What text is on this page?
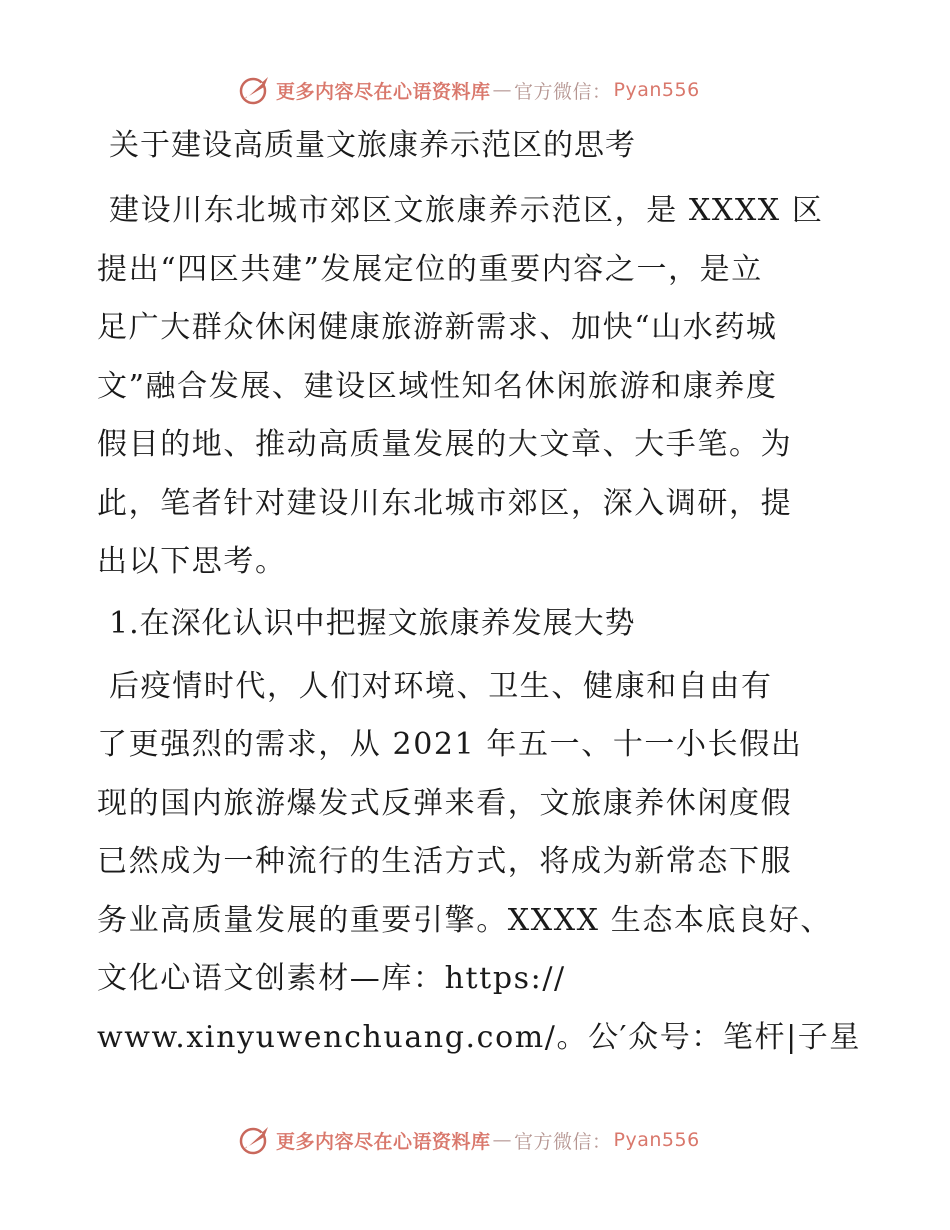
更多内容尽在心语资料库 — 官方微信： Pyan556
关于建设高质量文旅康养示范区的思考
建设川东北城市郊区文旅康养示范区，是 XXXX 区
提出“四区共建”发展定位的重要内容之一，是立
足广大群众休闲健康旅游新需求、加快“山水药城
文”融合发展、建设区域性知名休闲旅游和康养度
假目的地、推动高质量发展的大文章、大手笔。为
此，笔者针对建设川东北城市郊区，深入调研，提
出以下思考。
1.在深化认识中把握文旅康养发展大势
后疫情时代，人们对环境、卫生、健康和自由有
了更强烈的需求，从 2021 年五一、十一小长假出
现的国内旅游爆发式反弹来看，文旅康养休闲度假
已然成为一种流行的生活方式，将成为新常态下服
务业高质量发展的重要引擎。XXXX 生态本底良好、
文化心语文创素材—库：https://
www.xinyuwenchuang.com/。公′众号：笔杆|子星
更多内容尽在心语资料库 — 官方微信： Pyan556
